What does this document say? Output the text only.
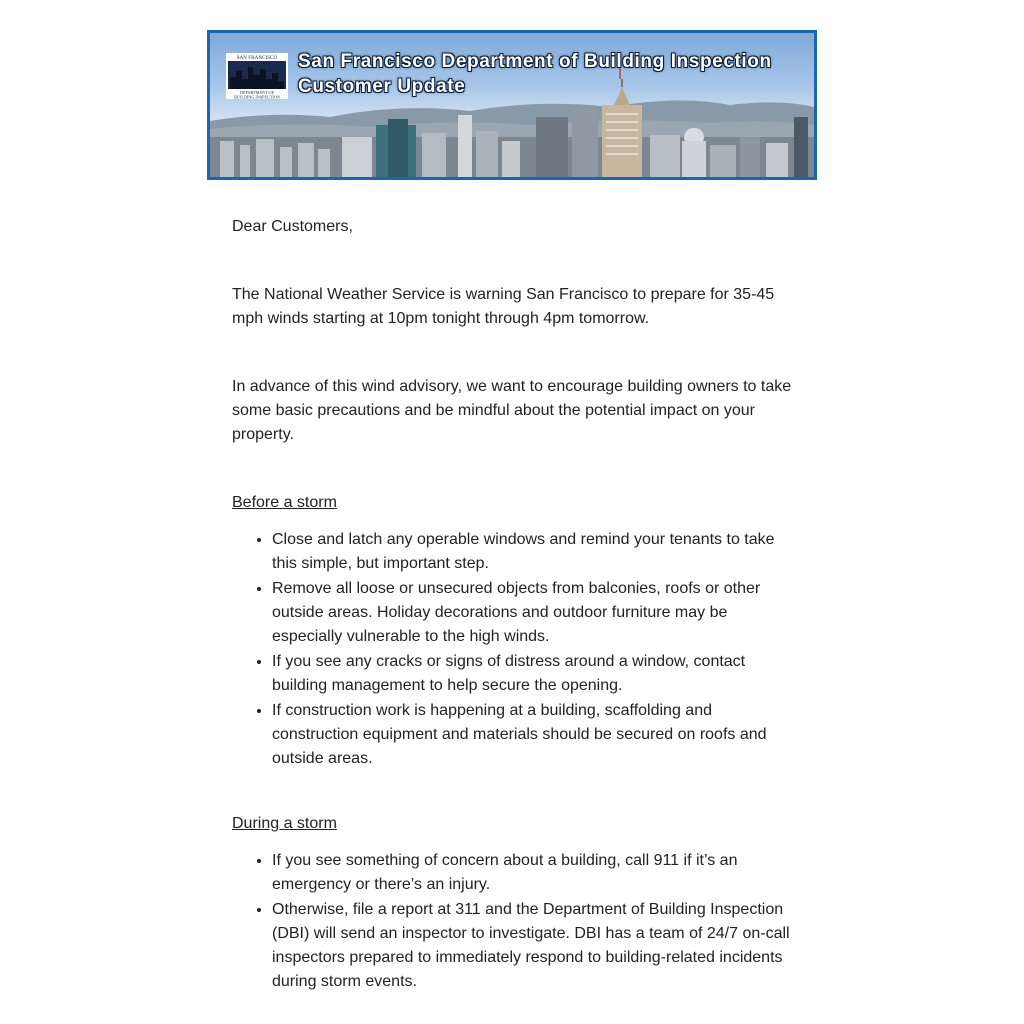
SAN FRANCISCO
DEPARTMENT OF
BUILDING INSPECTION
San Francisco Department of Building Inspection
Customer Update

Dear Customers,

The National Weather Service is warning San Francisco to prepare for 35-45 mph winds starting at 10pm tonight through 4pm tomorrow.

In advance of this wind advisory, we want to encourage building owners to take some basic precautions and be mindful about the potential impact on your property.

Before a storm

• Close and latch any operable windows and remind your tenants to take this simple, but important step.
• Remove all loose or unsecured objects from balconies, roofs or other outside areas. Holiday decorations and outdoor furniture may be especially vulnerable to the high winds.
• If you see any cracks or signs of distress around a window, contact building management to help secure the opening.
• If construction work is happening at a building, scaffolding and construction equipment and materials should be secured on roofs and outside areas.

During a storm

• If you see something of concern about a building, call 911 if it’s an emergency or there’s an injury.
• Otherwise, file a report at 311 and the Department of Building Inspection (DBI) will send an inspector to investigate. DBI has a team of 24/7 on-call inspectors prepared to immediately respond to building-related incidents during storm events.
